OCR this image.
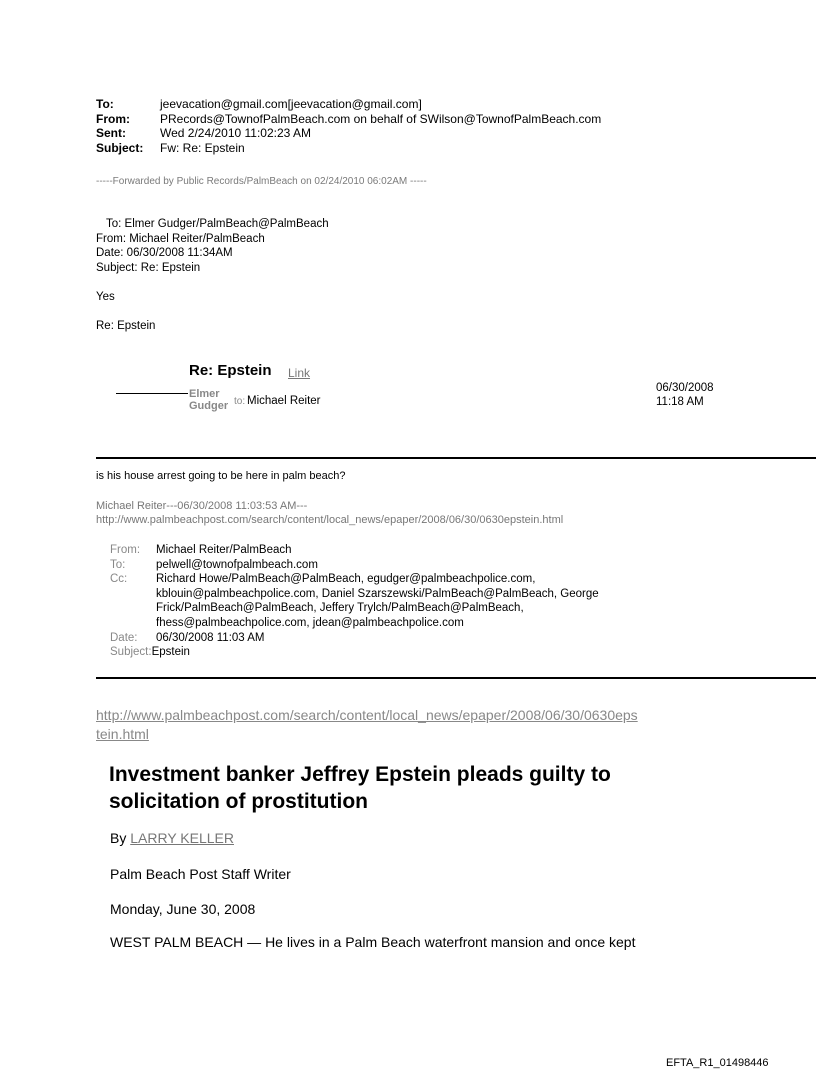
To:	jeevacation@gmail.com[jeevacation@gmail.com]
From:	PRecords@TownofPalmBeach.com on behalf of SWilson@TownofPalmBeach.com
Sent:	Wed 2/24/2010 11:02:23 AM
Subject:	Fw: Re: Epstein
-----Forwarded by Public Records/PalmBeach on 02/24/2010 06:02AM -----
To: Elmer Gudger/PalmBeach@PalmBeach
From: Michael Reiter/PalmBeach
Date: 06/30/2008 11:34AM
Subject: Re: Epstein
Yes
Re: Epstein
Re: Epstein Link
Elmer
Gudger to: Michael Reiter
06/30/2008
11:18 AM
is his house arrest going to be here in palm beach?
Michael Reiter---06/30/2008 11:03:53 AM---
http://www.palmbeachpost.com/search/content/local_news/epaper/2008/06/30/0630epstein.html
From:	Michael Reiter/PalmBeach
To:	pelwell@townofpalmbeach.com
Cc:	Richard Howe/PalmBeach@PalmBeach, egudger@palmbeachpolice.com,
kblouin@palmbeachpolice.com, Daniel Szarszewski/PalmBeach@PalmBeach, George
Frick/PalmBeach@PalmBeach, Jeffery Trylch/PalmBeach@PalmBeach,
fhess@palmbeachpolice.com, jdean@palmbeachpolice.com
Date:	06/30/2008 11:03 AM
Subject: Epstein
http://www.palmbeachpost.com/search/content/local_news/epaper/2008/06/30/0630eps
tein.html
Investment banker Jeffrey Epstein pleads guilty to
solicitation of prostitution
By LARRY KELLER
Palm Beach Post Staff Writer
Monday, June 30, 2008
WEST PALM BEACH — He lives in a Palm Beach waterfront mansion and once kept
EFTA_R1_01498446
